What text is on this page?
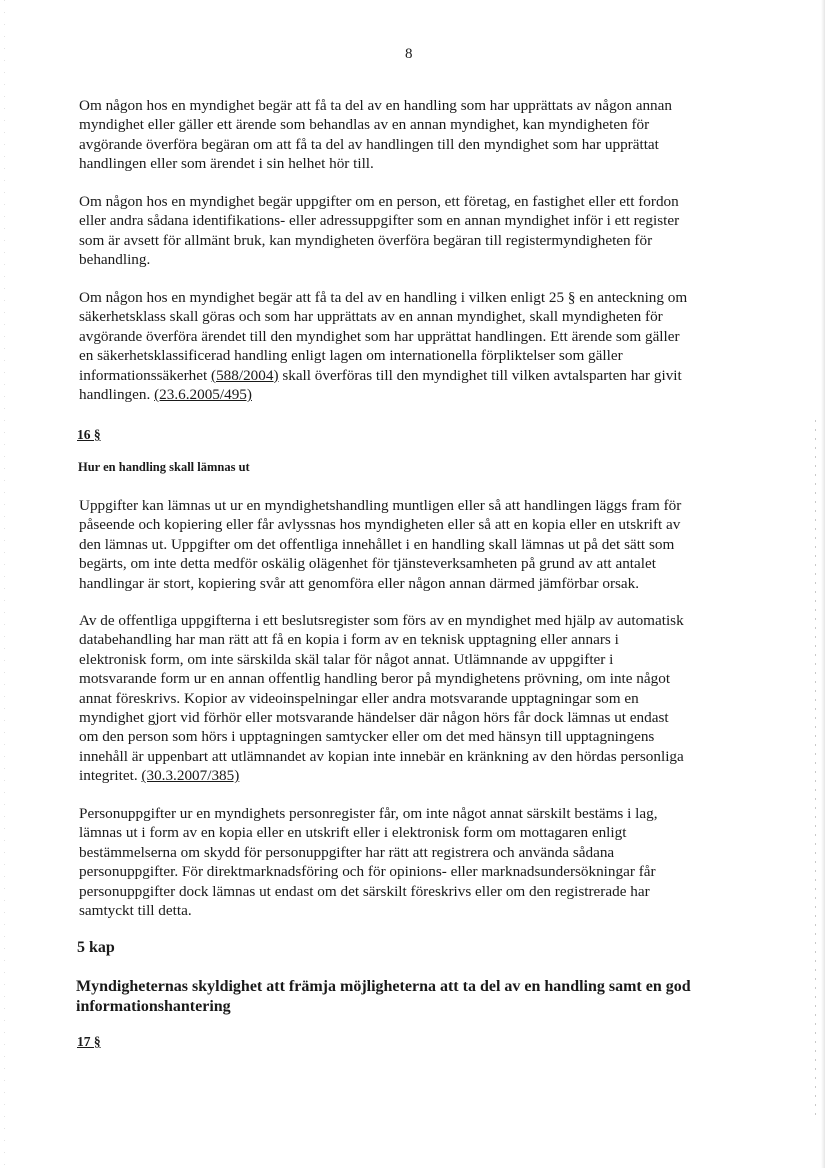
8

Om någon hos en myndighet begär att få ta del av en handling som har upprättats av någon annan
myndighet eller gäller ett ärende som behandlas av en annan myndighet, kan myndigheten för
avgörande överföra begäran om att få ta del av handlingen till den myndighet som har upprättat
handlingen eller som ärendet i sin helhet hör till.

Om någon hos en myndighet begär uppgifter om en person, ett företag, en fastighet eller ett fordon
eller andra sådana identifikations- eller adressuppgifter som en annan myndighet inför i ett register
som är avsett för allmänt bruk, kan myndigheten överföra begäran till registermyndigheten för
behandling.

Om någon hos en myndighet begär att få ta del av en handling i vilken enligt 25 § en anteckning om
säkerhetsklass skall göras och som har upprättats av en annan myndighet, skall myndigheten för
avgörande överföra ärendet till den myndighet som har upprättat handlingen. Ett ärende som gäller
en säkerhetsklassificerad handling enligt lagen om internationella förpliktelser som gäller
informationssäkerhet (588/2004) skall överföras till den myndighet till vilken avtalsparten har givit
handlingen. (23.6.2005/495)

16 §
Hur en handling skall lämnas ut

Uppgifter kan lämnas ut ur en myndighetshandling muntligen eller så att handlingen läggs fram för
påseende och kopiering eller får avlyssnas hos myndigheten eller så att en kopia eller en utskrift av
den lämnas ut. Uppgifter om det offentliga innehållet i en handling skall lämnas ut på det sätt som
begärts, om inte detta medför oskälig olägenhet för tjänsteverksamheten på grund av att antalet
handlingar är stort, kopiering svår att genomföra eller någon annan därmed jämförbar orsak.

Av de offentliga uppgifterna i ett beslutsregister som förs av en myndighet med hjälp av automatisk
databehandling har man rätt att få en kopia i form av en teknisk upptagning eller annars i
elektronisk form, om inte särskilda skäl talar för något annat. Utlämnande av uppgifter i
motsvarande form ur en annan offentlig handling beror på myndighetens prövning, om inte något
annat föreskrivs. Kopior av videoinspelningar eller andra motsvarande upptagningar som en
myndighet gjort vid förhör eller motsvarande händelser där någon hörs får dock lämnas ut endast
om den person som hörs i upptagningen samtycker eller om det med hänsyn till upptagningens
innehåll är uppenbart att utlämnandet av kopian inte innebär en kränkning av den hördas personliga
integritet. (30.3.2007/385)

Personuppgifter ur en myndighets personregister får, om inte något annat särskilt bestäms i lag,
lämnas ut i form av en kopia eller en utskrift eller i elektronisk form om mottagaren enligt
bestämmelserna om skydd för personuppgifter har rätt att registrera och använda sådana
personuppgifter. För direktmarknadsföring och för opinions- eller marknadsundersökningar får
personuppgifter dock lämnas ut endast om det särskilt föreskrivs eller om den registrerade har
samtyckt till detta.

5 kap

Myndigheternas skyldighet att främja möjligheterna att ta del av en handling samt en god
informationshantering

17 §
